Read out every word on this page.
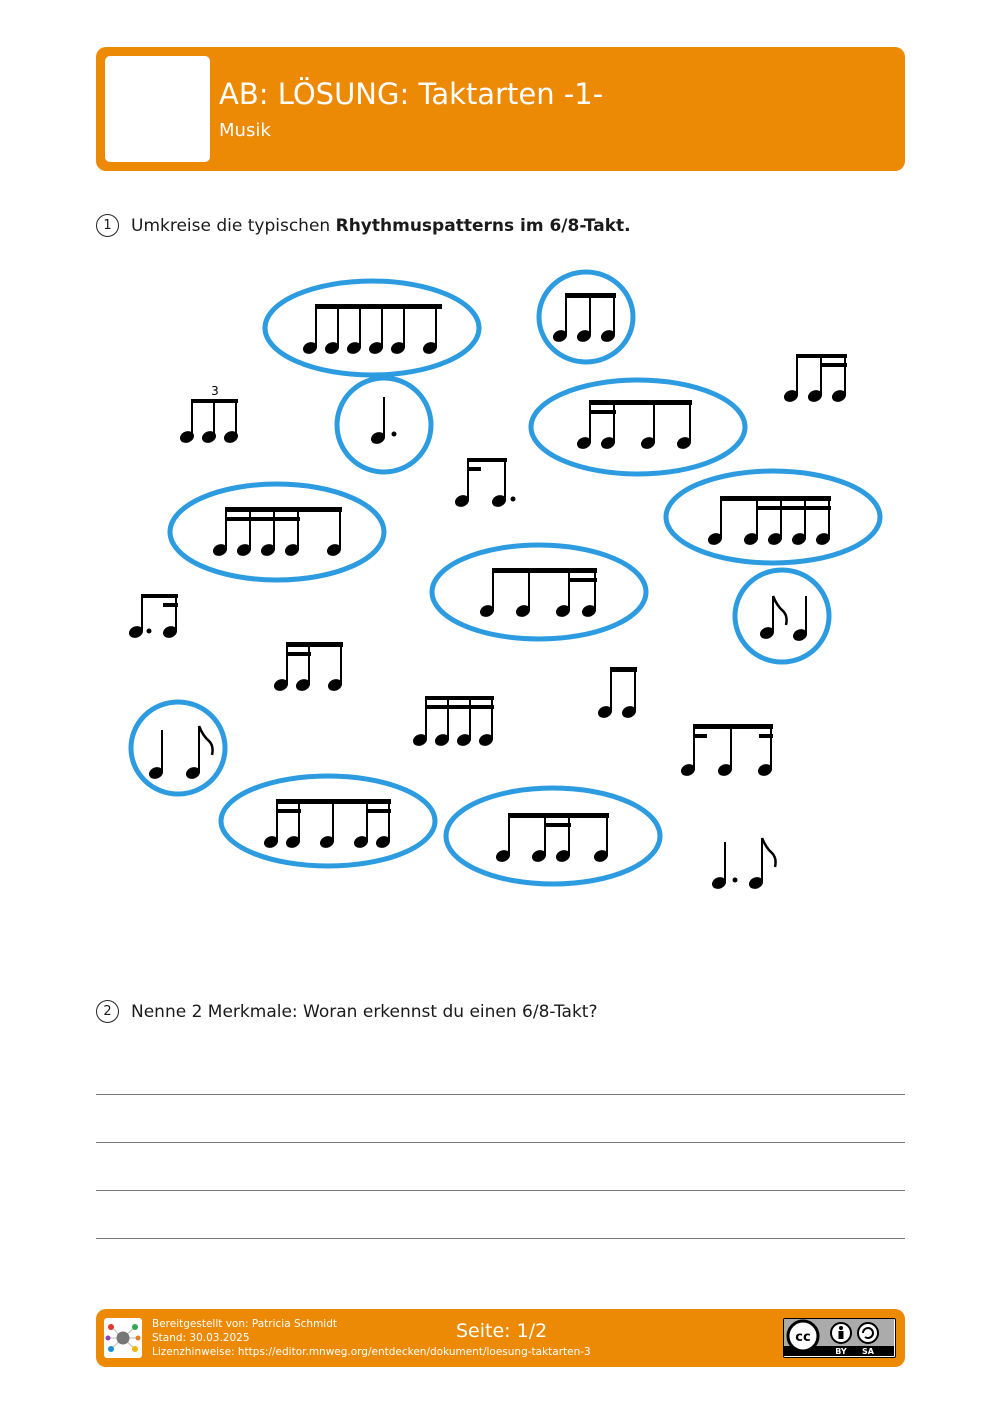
AB: LÖSUNG: Taktarten -1-
Musik
1	Umkreise die typischen Rhythmuspatterns im 6/8-Takt.
3
2	Nenne 2 Merkmale: Woran erkennst du einen 6/8-Takt?
Bereitgestellt von: Patricia Schmidt
Stand: 30.03.2025
Lizenzhinweise: https://editor.mnweg.org/entdecken/dokument/loesung-taktarten-3
Seite: 1/2	cc
BY SA
